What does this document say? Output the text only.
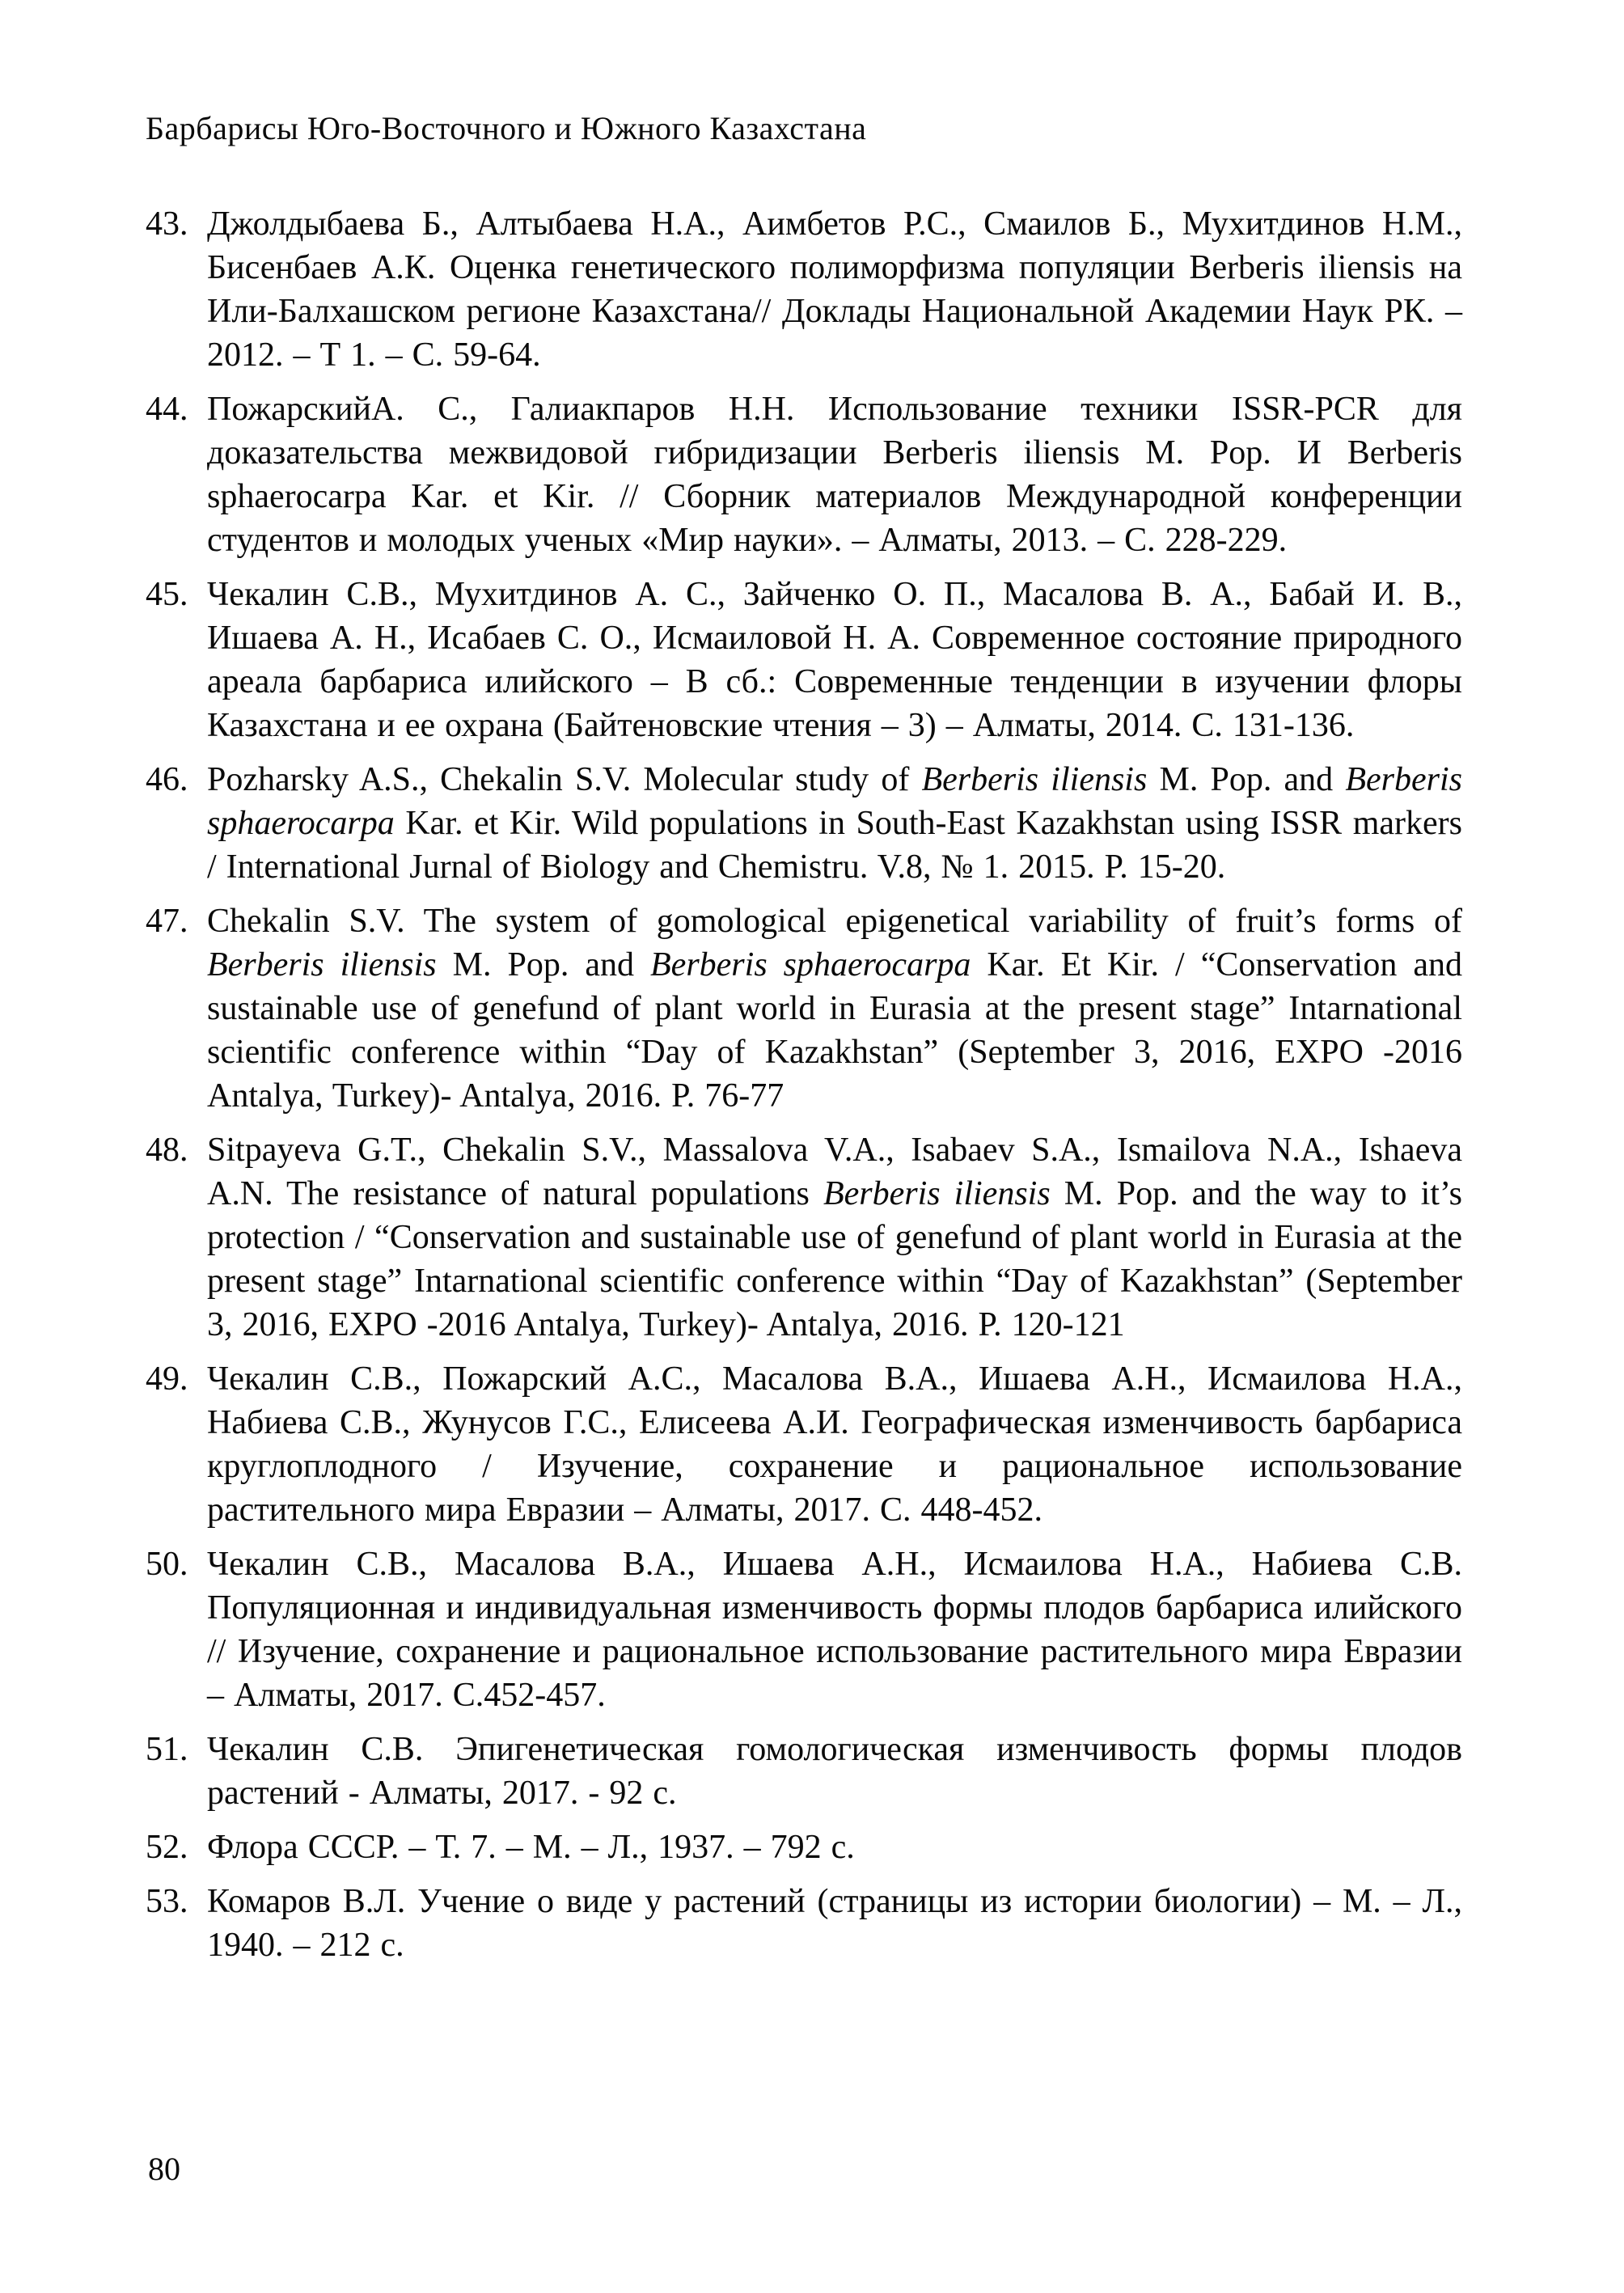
Барбарисы Юго-Восточного и Южного Казахстана
43. Джолдыбаева Б., Алтыбаева Н.А., Аимбетов Р.С., Смаилов Б., Мухитдинов Н.М., Бисенбаев А.К. Оценка генетического полиморфизма популяции Berberis iliensis на Или-Балхашском регионе Казахстана// Доклады Национальной Академии Наук РК. – 2012. – Т 1. – С. 59-64.

44. ПожарскийА. С., Галиакпаров Н.Н. Использование техники ISSR-PCR для доказательства межвидовой гибридизации Berberis iliensis M. Pop. И Berberis sphaerocarpa Kar. et Kir. // Сборник материалов Международной конференции студентов и молодых ученых «Мир науки». – Алматы, 2013. – С. 228-229.

45. Чекалин С.В., Мухитдинов А. С., Зайченко О. П., Масалова В. А., Бабай И. В., Ишаева А. Н., Исабаев С. О., Исмаиловой Н. А. Современное состояние природного ареала барбариса илийского – В сб.: Современные тенденции в изучении флоры Казахстана и ее охрана (Байтеновские чтения – 3) – Алматы, 2014. С. 131-136.

46. Pozharsky A.S., Chekalin S.V. Molecular study of Berberis iliensis M. Pop. and Berberis sphaerocarpa Kar. et Kir. Wild populations in South-East Kazakhstan using ISSR markers / International Jurnal of Biology and Chemistru. V.8, № 1. 2015. P. 15-20.

47. Chekalin S.V. The system of gomological epigenetical variability of fruit’s forms of Berberis iliensis M. Pop. and Berberis sphaerocarpa Kar. Et Kir. / “Conservation and sustainable use of genefund of plant world in Eurasia at the present stage” Intarnational scientific conference within “Day of Kazakhstan” (September 3, 2016, EXPO -2016 Antalya, Turkey)- Antalya, 2016. P. 76-77

48. Sitpayeva G.T., Chekalin S.V., Massalova V.A., Isabaev S.A., Ismailova N.A., Ishaeva A.N. The resistance of natural populations Berberis iliensis M. Pop. and the way to it’s protection / “Conservation and sustainable use of genefund of plant world in Eurasia at the present stage” Intarnational scientific conference within “Day of Kazakhstan” (September 3, 2016, EXPO -2016 Antalya, Turkey)- Antalya, 2016. P. 120-121

49. Чекалин С.В., Пожарский А.С., Масалова В.А., Ишаева А.Н., Исмаилова Н.А., Набиева С.В., Жунусов Г.С., Елисеева А.И. Географическая изменчивость барбариса круглоплодного / Изучение, сохранение и рациональное использование растительного мира Евразии – Алматы, 2017. С. 448-452.

50. Чекалин С.В., Масалова В.А., Ишаева А.Н., Исмаилова Н.А., Набиева С.В. Популяционная и индивидуальная изменчивость формы плодов барбариса илийского // Изучение, сохранение и рациональное использование растительного мира Евразии – Алматы, 2017. С.452-457.

51. Чекалин С.В. Эпигенетическая гомологическая изменчивость формы плодов растений - Алматы, 2017. - 92 с.

52. Флора СССР. – Т. 7. – М. – Л., 1937. – 792 с.

53. Комаров В.Л. Учение о виде у растений (страницы из истории биологии) – М. – Л., 1940. – 212 с.

80
